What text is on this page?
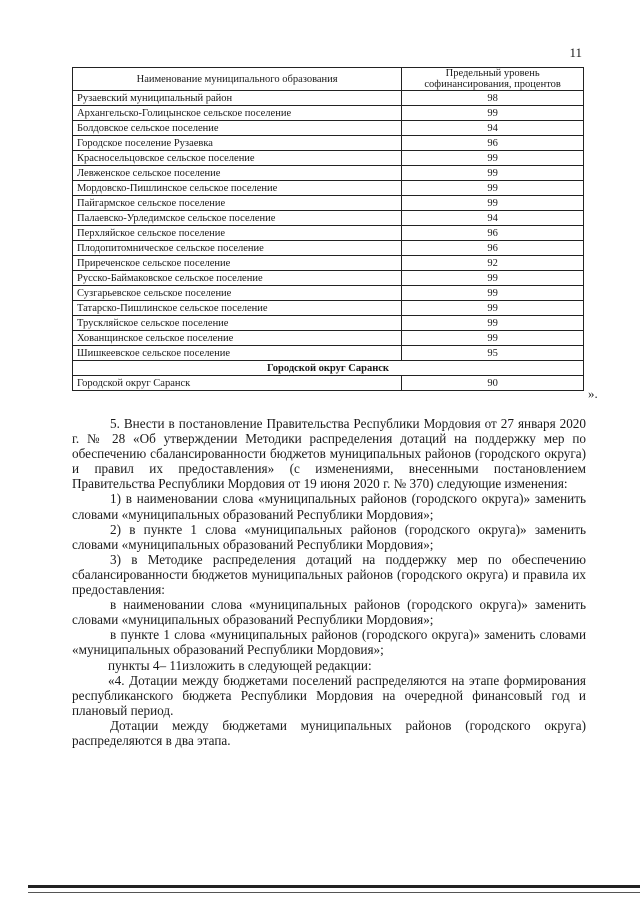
11
Наименование муниципального образования	Предельный уровень софинансирования, процентов
Рузаевский муниципальный район	98
Архангельско-Голицынское сельское поселение	99
Болдовское сельское поселение	94
Городское поселение Рузаевка	96
Красносельцовское сельское поселение	99
Левженское сельское поселение	99
Мордовско-Пишлинское сельское поселение	99
Пайгармское сельское поселение	99
Палаевско-Урледимское сельское поселение	94
Перхляйское сельское поселение	96
Плодопитомническое сельское поселение	96
Приреченское сельское поселение	92
Русско-Баймаковское сельское поселение	99
Сузгарьевское сельское поселение	99
Татарско-Пишлинское сельское поселение	99
Трускляйское сельское поселение	99
Хованщинское сельское поселение	99
Шишкеевское сельское поселение	95
Городской округ Саранск	
Городской округ Саранск	90
».

5. Внести в постановление Правительства Республики Мордовия от 27 января 2020 г. № 28 «Об утверждении Методики распределения дотаций на поддержку мер по обеспечению сбалансированности бюджетов муниципальных районов (городского округа) и правил их предоставления» (с изменениями, внесенными постановлением Правительства Республики Мордовия от 19 июня 2020 г. № 370) следующие изменения:

1) в наименовании слова «муниципальных районов (городского округа)» заменить словами «муниципальных образований Республики Мордовия»;

2) в пункте 1 слова «муниципальных районов (городского округа)» заменить словами «муниципальных образований Республики Мордовия»;

3) в Методике распределения дотаций на поддержку мер по обеспечению сбалансированности бюджетов муниципальных районов (городского округа) и правила их предоставления:

в наименовании слова «муниципальных районов (городского округа)» заменить словами «муниципальных образований Республики Мордовия»;

в пункте 1 слова «муниципальных районов (городского округа)» заменить словами «муниципальных образований Республики Мордовия»;

пункты 4– 11изложить в следующей редакции:

«4. Дотации между бюджетами поселений распределяются на этапе формирования республиканского бюджета Республики Мордовия на очередной финансовый год и плановый период.

Дотации между бюджетами муниципальных районов (городского округа) распределяются в два этапа.
